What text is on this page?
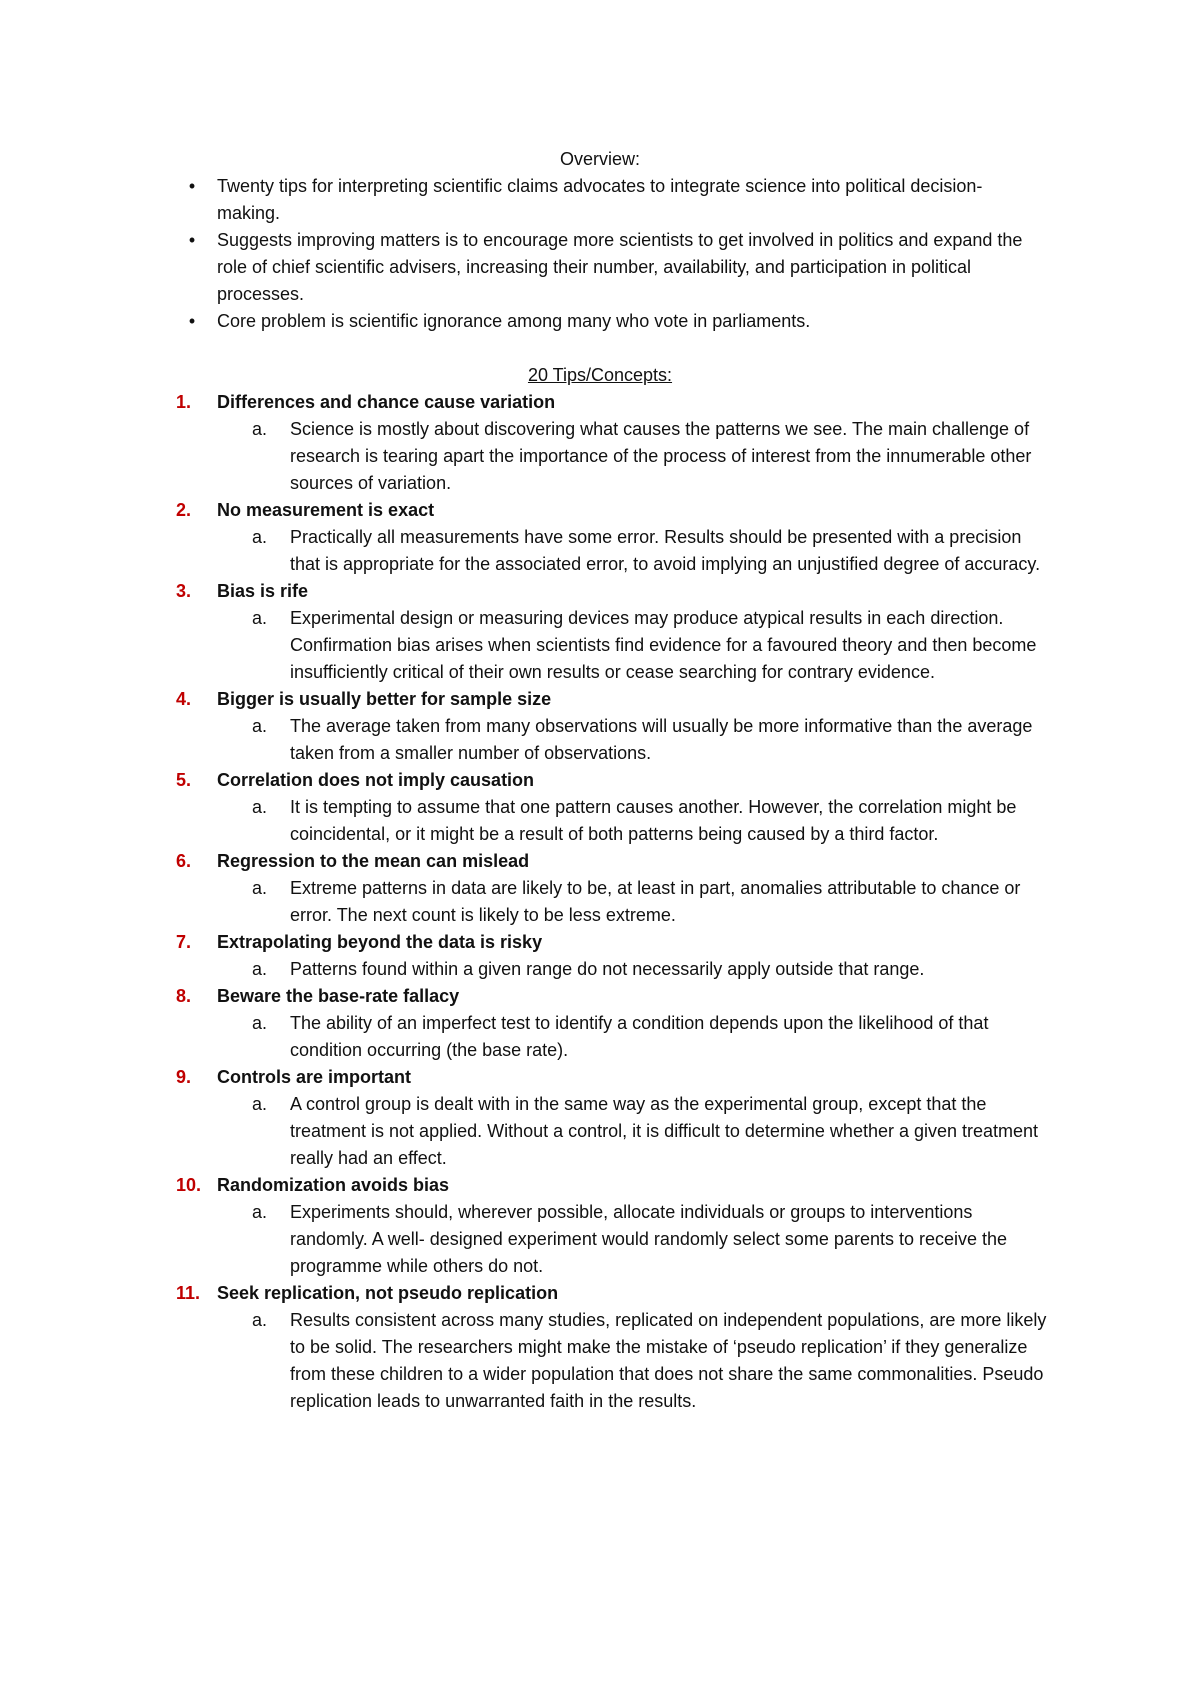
Overview:

• Twenty tips for interpreting scientific claims advocates to integrate science into political decision-making.
• Suggests improving matters is to encourage more scientists to get involved in politics and expand the role of chief scientific advisers, increasing their number, availability, and participation in political processes.
• Core problem is scientific ignorance among many who vote in parliaments.

20 Tips/Concepts:

1. Differences and chance cause variation
a. Science is mostly about discovering what causes the patterns we see. The main challenge of research is tearing apart the importance of the process of interest from the innumerable other sources of variation.
2. No measurement is exact
a. Practically all measurements have some error. Results should be presented with a precision that is appropriate for the associated error, to avoid implying an unjustified degree of accuracy.
3. Bias is rife
a. Experimental design or measuring devices may produce atypical results in each direction. Confirmation bias arises when scientists find evidence for a favoured theory and then become insufficiently critical of their own results or cease searching for contrary evidence.
4. Bigger is usually better for sample size
a. The average taken from many observations will usually be more informative than the average taken from a smaller number of observations.
5. Correlation does not imply causation
a. It is tempting to assume that one pattern causes another. However, the correlation might be coincidental, or it might be a result of both patterns being caused by a third factor.
6. Regression to the mean can mislead
a. Extreme patterns in data are likely to be, at least in part, anomalies attributable to chance or error. The next count is likely to be less extreme.
7. Extrapolating beyond the data is risky
a. Patterns found within a given range do not necessarily apply outside that range.
8. Beware the base-rate fallacy
a. The ability of an imperfect test to identify a condition depends upon the likelihood of that condition occurring (the base rate).
9. Controls are important
a. A control group is dealt with in the same way as the experimental group, except that the treatment is not applied. Without a control, it is difficult to determine whether a given treatment really had an effect.
10. Randomization avoids bias
a. Experiments should, wherever possible, allocate individuals or groups to interventions randomly. A well- designed experiment would randomly select some parents to receive the programme while others do not.
11. Seek replication, not pseudo replication
a. Results consistent across many studies, replicated on independent populations, are more likely to be solid. The researchers might make the mistake of ‘pseudo replication’ if they generalize from these children to a wider population that does not share the same commonalities. Pseudo replication leads to unwarranted faith in the results.
